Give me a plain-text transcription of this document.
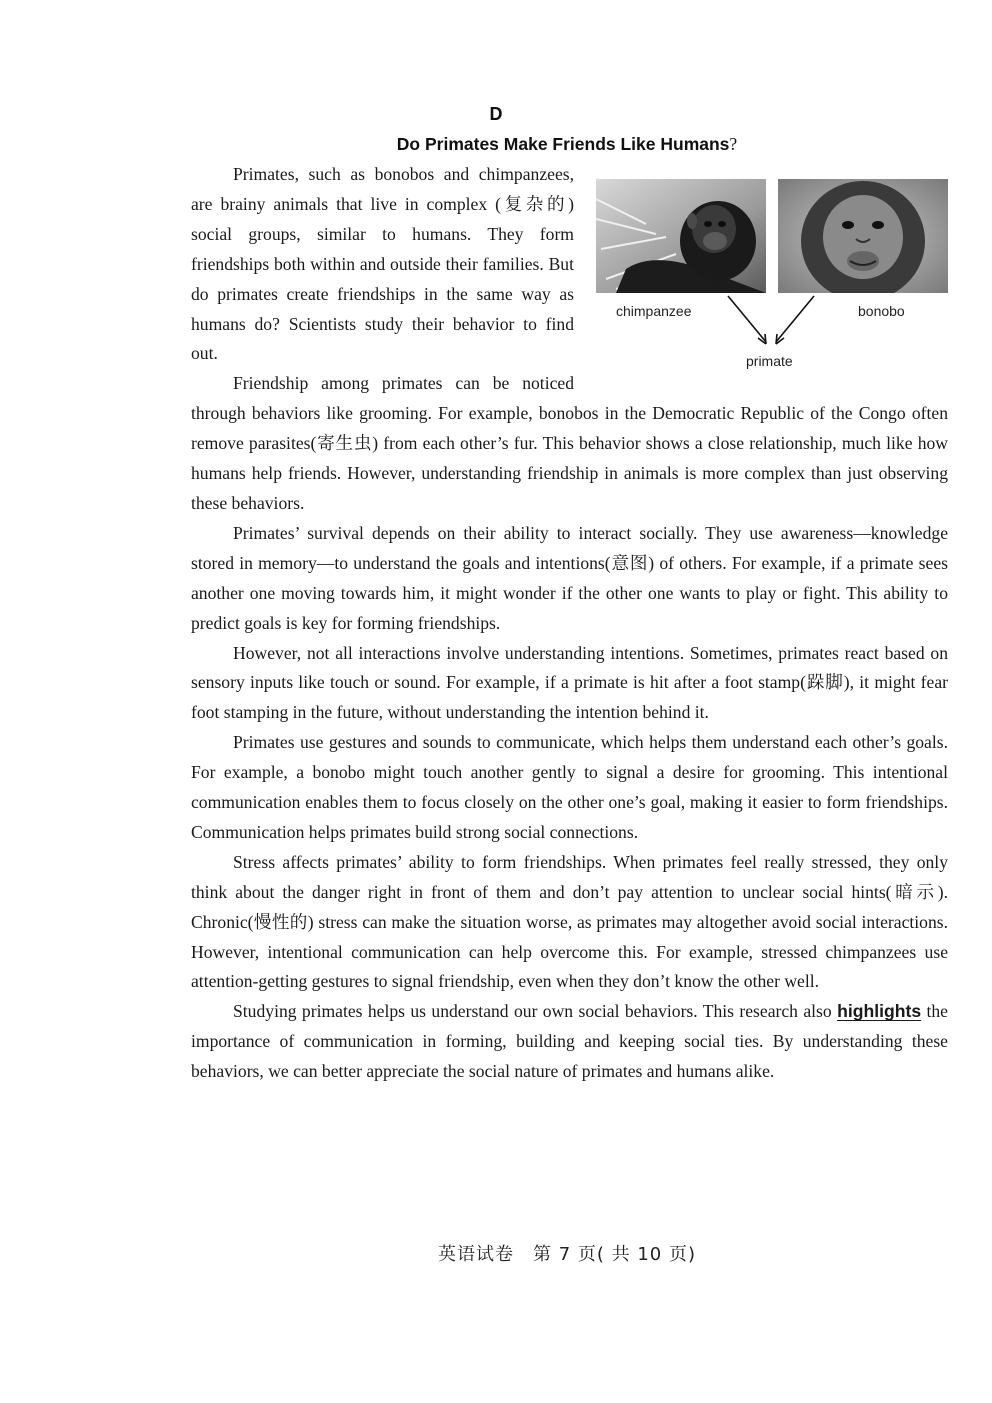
D
Do Primates Make Friends Like Humans?
chimpanzee	bonobo
primate

Primates, such as bonobos and chimpanzees, are brainy animals that live in complex (复杂的) social groups, similar to humans. They form friendships both within and outside their families. But do primates create friendships in the same way as humans do? Scientists study their behavior to find out.

Friendship among primates can be noticed through behaviors like grooming. For example, bonobos in the Democratic Republic of the Congo often remove parasites(寄生虫) from each other’s fur. This behavior shows a close relationship, much like how humans help friends. However, understanding friendship in animals is more complex than just observing these behaviors.

Primates’ survival depends on their ability to interact socially. They use awareness—knowledge stored in memory—to understand the goals and intentions(意图) of others. For example, if a primate sees another one moving towards him, it might wonder if the other one wants to play or fight. This ability to predict goals is key for forming friendships.

However, not all interactions involve understanding intentions. Sometimes, primates react based on sensory inputs like touch or sound. For example, if a primate is hit after a foot stamp(跺脚), it might fear foot stamping in the future, without understanding the intention behind it.

Primates use gestures and sounds to communicate, which helps them understand each other’s goals. For example, a bonobo might touch another gently to signal a desire for grooming. This intentional communication enables them to focus closely on the other one’s goal, making it easier to form friendships. Communication helps primates build strong social connections.

Stress affects primates’ ability to form friendships. When primates feel really stressed, they only think about the danger right in front of them and don’t pay attention to unclear social hints(暗示). Chronic(慢性的) stress can make the situation worse, as primates may altogether avoid social interactions. However, intentional communication can help overcome this. For example, stressed chimpanzees use attention-getting gestures to signal friendship, even when they don’t know the other well.

Studying primates helps us understand our own social behaviors. This research also highlights the importance of communication in forming, building and keeping social ties. By understanding these behaviors, we can better appreciate the social nature of primates and humans alike.

英语试卷　第 7 页( 共 10 页)
